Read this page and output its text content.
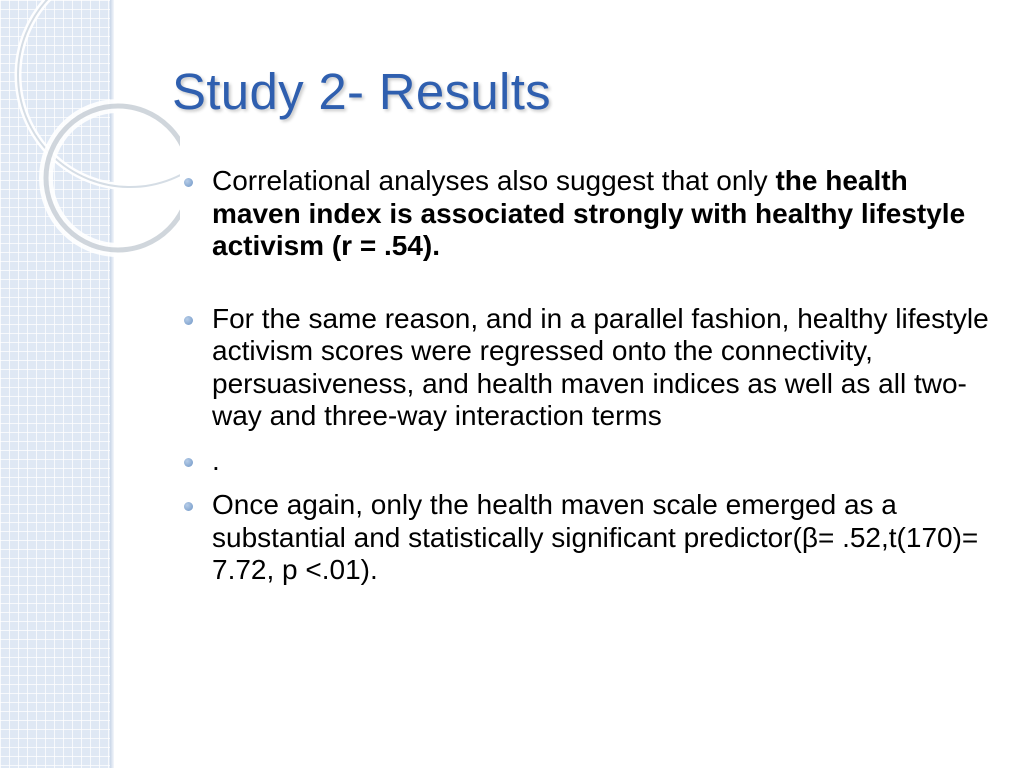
Study 2- Results
Correlational analyses also suggest that only the health maven index is associated strongly with healthy lifestyle activism (r = .54).
For the same reason, and in a parallel fashion, healthy lifestyle activism scores were regressed onto the connectivity, persuasiveness, and health maven indices as well as all two- way and three-way interaction terms
.
Once again, only the health maven scale emerged as a substantial and statistically significant predictor(β= .52,t(170)= 7.72, p <.01).
